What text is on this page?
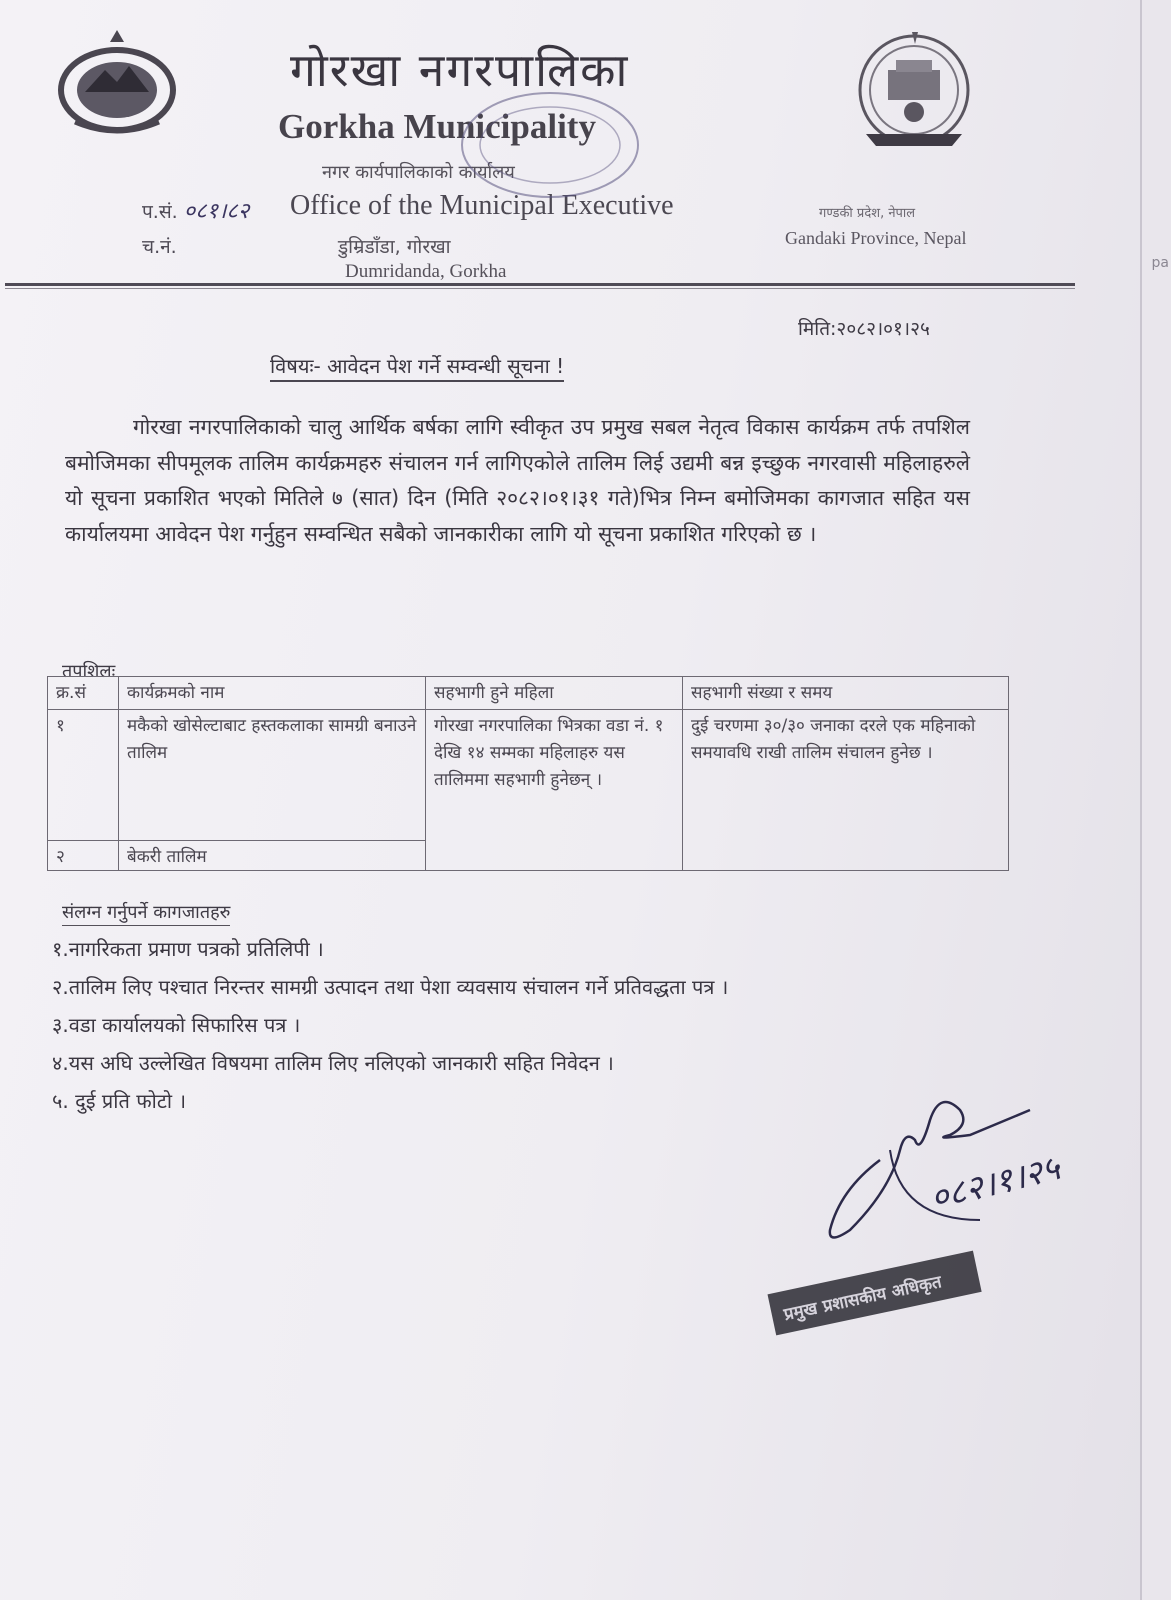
गोरखा नगरपालिका
Gorkha Municipality
नगर कार्यपालिकाको कार्यालय
प.सं. ०८१।८२ Office of the Municipal Executive
च.नं.	डुम्रिडाँडा, गोरखा
Dumridanda, Gorkha
गण्डकी प्रदेश, नेपाल
Gandaki Province, Nepal
मिति:२०८२।०१।२५
विषयः- आवेदन पेश गर्ने सम्वन्धी सूचना !
गोरखा नगरपालिकाको चालु आर्थिक बर्षका लागि स्वीकृत उप प्रमुख सबल नेतृत्व विकास कार्यक्रम तर्फ तपशिल बमोजिमका सीपमूलक तालिम कार्यक्रमहरु संचालन गर्न लागिएकोले तालिम लिई उद्यमी बन्न इच्छुक नगरवासी महिलाहरुले यो सूचना प्रकाशित भएको मितिले ७ (सात) दिन (मिति २०८२।०१।३१ गते)भित्र निम्न बमोजिमका कागजात सहित यस कार्यालयमा आवेदन पेश गर्नुहुन सम्वन्धित सबैको जानकारीका लागि यो सूचना प्रकाशित गरिएको छ ।
तपशिलः
क्र.सं	कार्यक्रमको नाम	सहभागी हुने महिला	सहभागी संख्या र समय
१	मकैको खोसेल्टाबाट हस्तकलाका सामग्री बनाउने तालिम	गोरखा नगरपालिका भित्रका वडा नं. १ देखि १४ सम्मका महिलाहरु यस तालिममा सहभागी हुनेछन् ।	दुई चरणमा ३०/३० जनाका दरले एक महिनाको समयावधि राखी तालिम संचालन हुनेछ ।
२	बेकरी तालिम		
संलग्न गर्नुपर्ने कागजातहरु
१.नागरिकता प्रमाण पत्रको प्रतिलिपी ।
२.तालिम लिए पश्चात निरन्तर सामग्री उत्पादन तथा पेशा व्यवसाय संचालन गर्ने प्रतिवद्धता पत्र ।
३.वडा कार्यालयको सिफारिस पत्र ।
४.यस अघि उल्लेखित विषयमा तालिम लिए नलिएको जानकारी सहित निवेदन ।
५. दुई प्रति फोटो ।
०८२।१।२५
प्रमुख प्रशासकीय अधिकृत
pa
